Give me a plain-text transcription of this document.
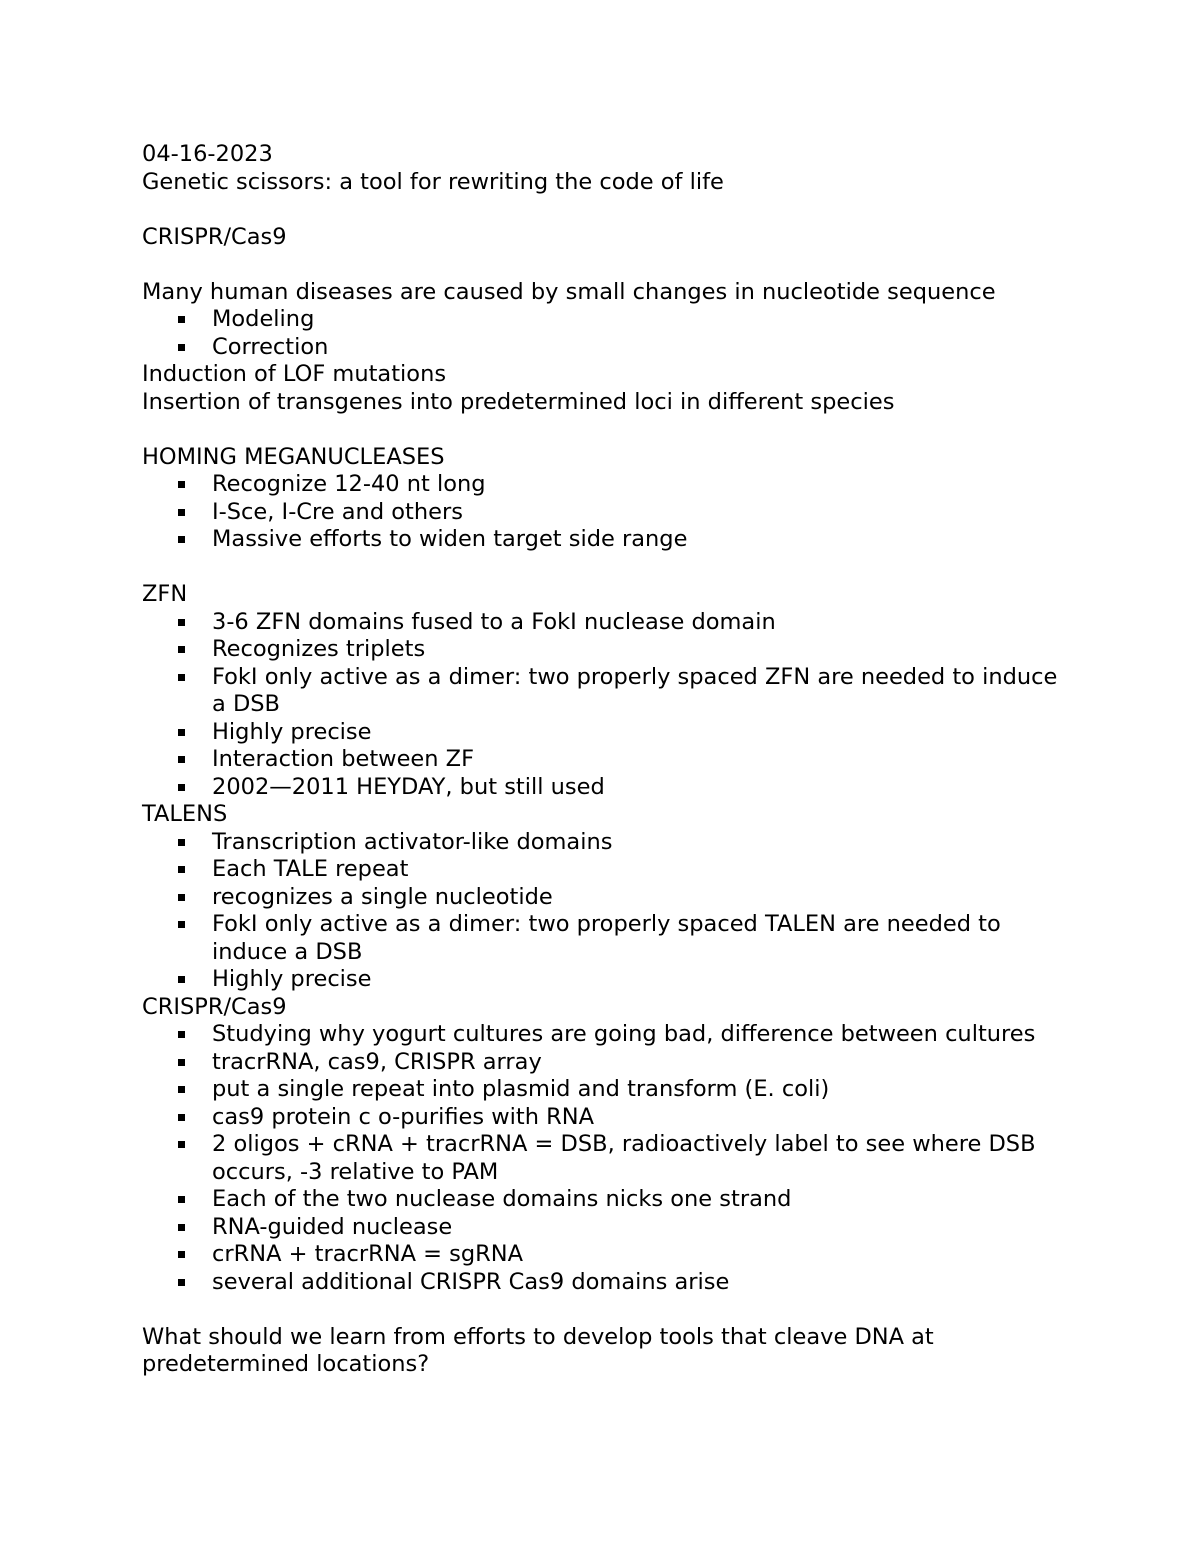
04-16-2023

Genetic scissors: a tool for rewriting the code of life

CRISPR/Cas9

Many human diseases are caused by small changes in nucleotide sequence

Modeling
Correction

Induction of LOF mutations

Insertion of transgenes into predetermined loci in different species

HOMING MEGANUCLEASES

Recognize 12-40 nt long
I-Sce, I-Cre and others
Massive efforts to widen target side range

ZFN

3-6 ZFN domains fused to a FokI nuclease domain
Recognizes triplets
FokI only active as a dimer: two properly spaced ZFN are needed to induce a DSB
Highly precise
Interaction between ZF
2002—2011 HEYDAY, but still used

TALENS

Transcription activator-like domains
Each TALE repeat
recognizes a single nucleotide
FokI only active as a dimer: two properly spaced TALEN are needed to induce a DSB
Highly precise

CRISPR/Cas9

Studying why yogurt cultures are going bad, difference between cultures
tracrRNA, cas9, CRISPR array
put a single repeat into plasmid and transform (E. coli)
cas9 protein c o-purifies with RNA
2 oligos + cRNA + tracrRNA = DSB, radioactively label to see where DSB occurs, -3 relative to PAM
Each of the two nuclease domains nicks one strand
RNA-guided nuclease
crRNA + tracrRNA = sgRNA
several additional CRISPR Cas9 domains arise

What should we learn from efforts to develop tools that cleave DNA at predetermined locations?
